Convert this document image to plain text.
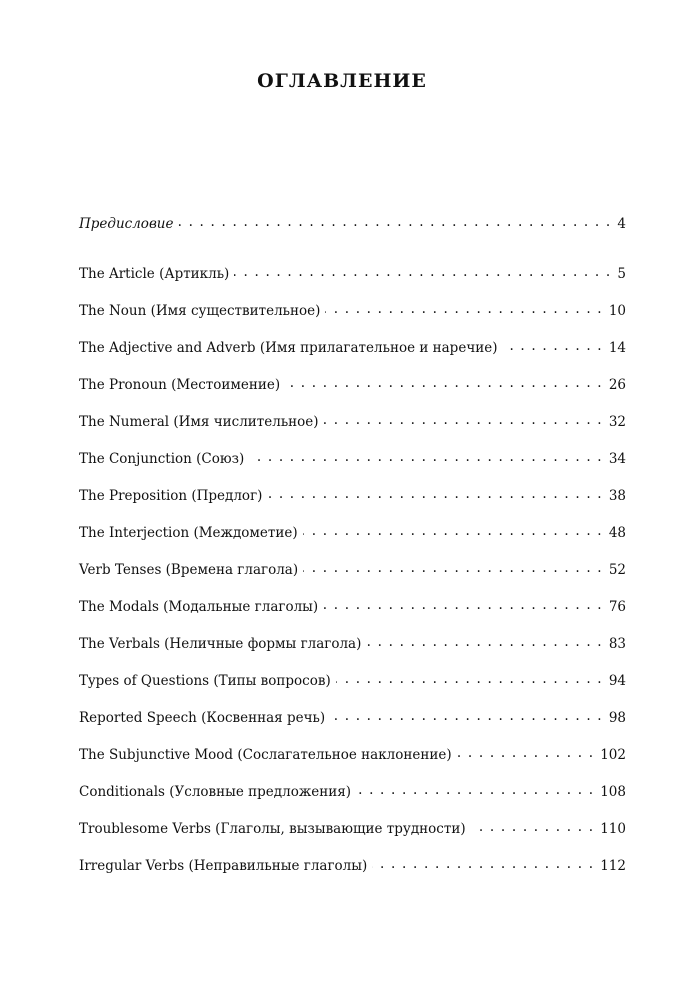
ОГЛАВЛЕНИЕ
Предисловие . . .	4
The Article (Артикль) . . .	5
The Noun (Имя существительное) . . .	10
The Adjective and Adverb (Имя прилагательное и наречие) . . .	14
The Pronoun (Местоимение) . . .	26
The Numeral (Имя числительное) . . .	32
The Conjunction (Союз) . . .	34
The Preposition (Предлог) . . .	38
The Interjection (Междометие) . . .	48
Verb Tenses (Времена глагола) . . .	52
The Modals (Модальные глаголы) . . .	76
The Verbals (Неличные формы глагола) . . .	83
Types of Questions (Типы вопросов) . . .	94
Reported Speech (Косвенная речь) . . .	98
The Subjunctive Mood (Сослагательное наклонение) . . .	102
Conditionals (Условные предложения) . . .	108
Troublesome Verbs (Глаголы, вызывающие трудности) . . .	110
Irregular Verbs (Неправильные глаголы) . . .	112
